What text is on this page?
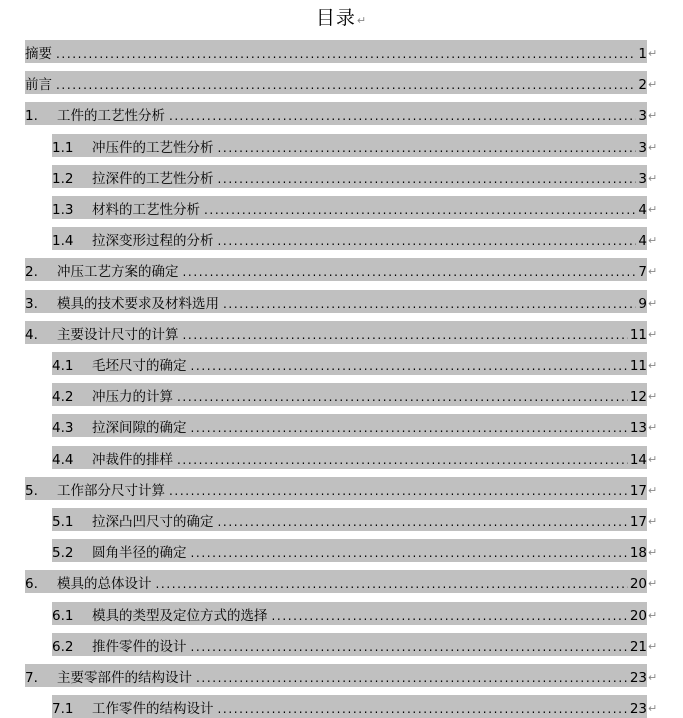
目录↵
摘要 .....	1 ↵
前言 .....	2 ↵
1.	工件的工艺性分析 .....	3 ↵
1.1	冲压件的工艺性分析 .....	3 ↵
1.2	拉深件的工艺性分析 .....	3 ↵
1.3	材料的工艺性分析 .....	4 ↵
1.4	拉深变形过程的分析 .....	4 ↵
2.	冲压工艺方案的确定 .....	7 ↵
3.	模具的技术要求及材料选用 .....	9 ↵
4.	主要设计尺寸的计算 .....	11 ↵
4.1	毛坯尺寸的确定 .....	11 ↵
4.2	冲压力的计算 .....	12 ↵
4.3	拉深间隙的确定 .....	13 ↵
4.4	冲裁件的排样 .....	14 ↵
5.	工作部分尺寸计算 .....	17 ↵
5.1	拉深凸凹尺寸的确定 .....	17 ↵
5.2	圆角半径的确定 .....	18 ↵
6.	模具的总体设计 .....	20 ↵
6.1	模具的类型及定位方式的选择 .....	20 ↵
6.2	推件零件的设计 .....	21 ↵
7.	主要零部件的结构设计 .....	23 ↵
7.1	工作零件的结构设计 .....	23 ↵
